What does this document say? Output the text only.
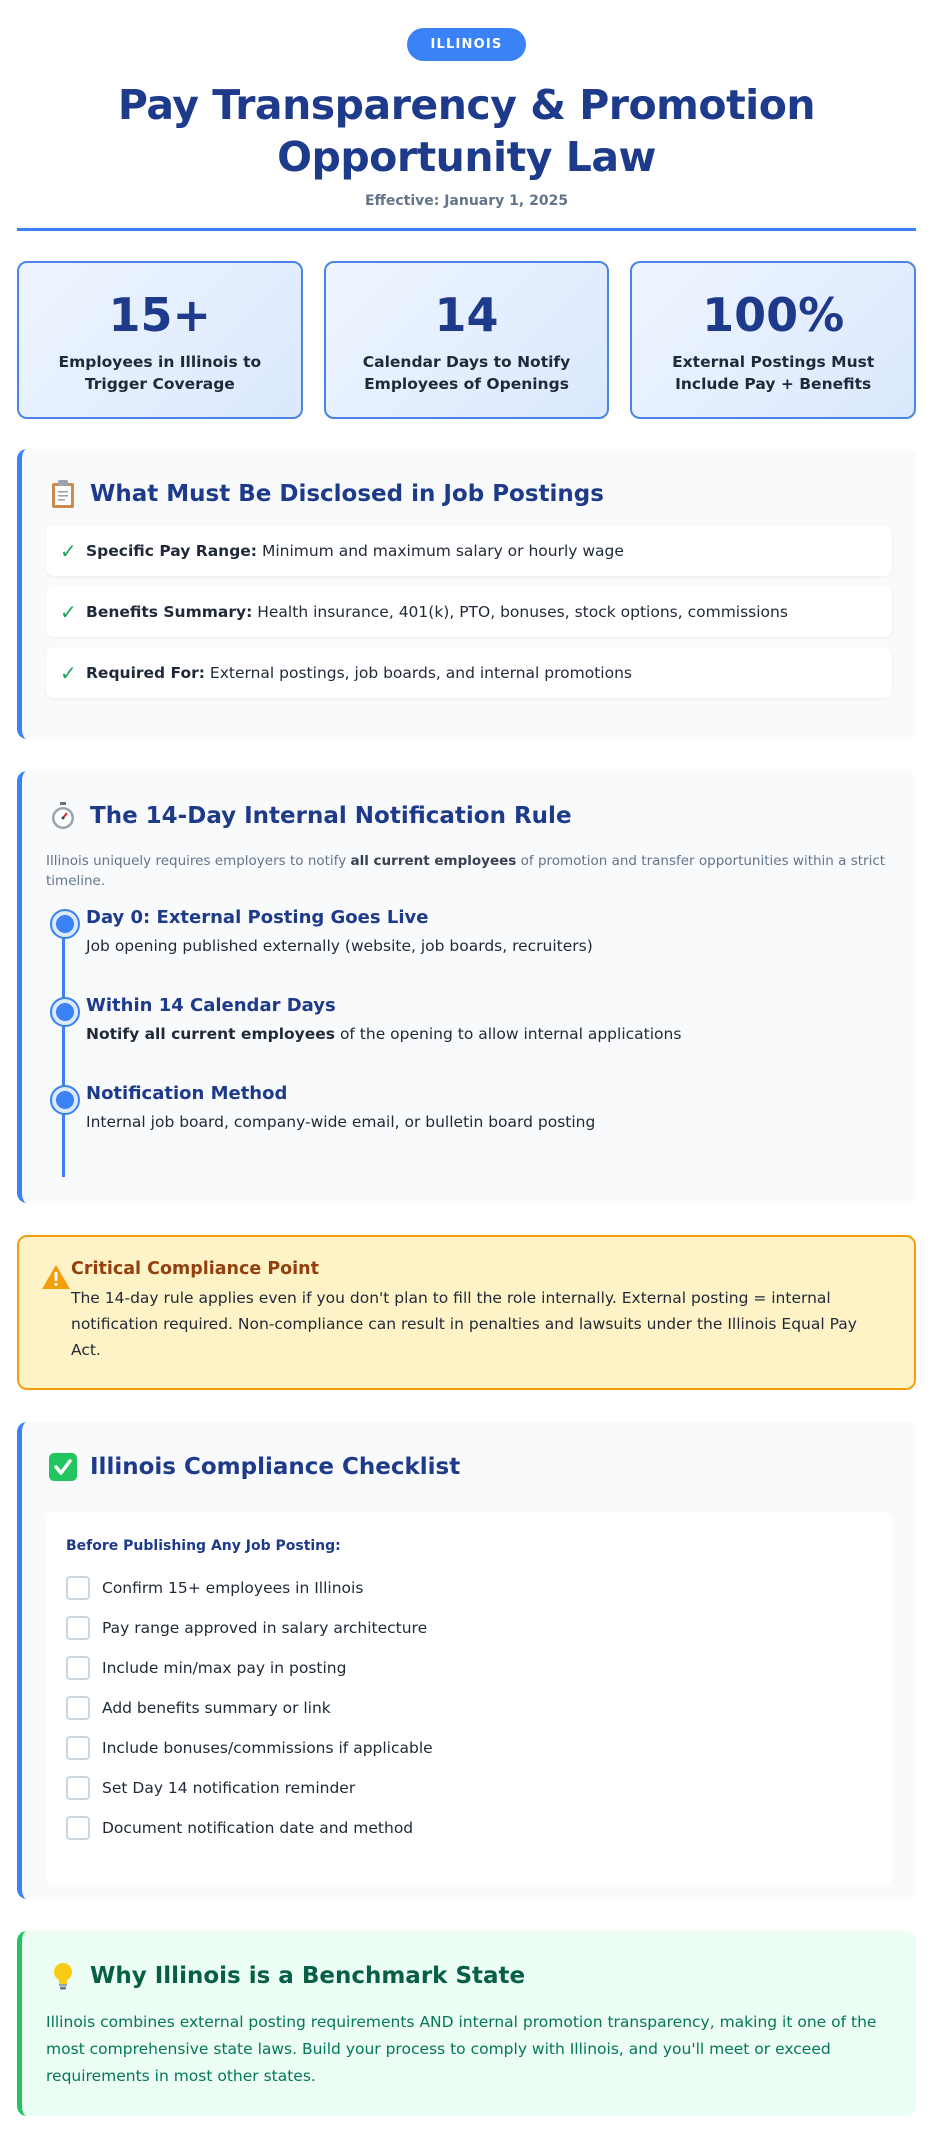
ILLINOIS
Pay Transparency & Promotion Opportunity Law
Effective: January 1, 2025
15+
Employees in Illinois to Trigger Coverage
14
Calendar Days to Notify Employees of Openings
100%
External Postings Must Include Pay + Benefits
What Must Be Disclosed in Job Postings
✓ Specific Pay Range: Minimum and maximum salary or hourly wage
✓ Benefits Summary: Health insurance, 401(k), PTO, bonuses, stock options, commissions
✓ Required For: External postings, job boards, and internal promotions
The 14-Day Internal Notification Rule

Illinois uniquely requires employers to notify all current employees of promotion and transfer opportunities within a strict timeline.

Day 0: External Posting Goes Live
Job opening published externally (website, job boards, recruiters)
Within 14 Calendar Days
Notify all current employees of the opening to allow internal applications
Notification Method
Internal job board, company-wide email, or bulletin board posting
Critical Compliance Point

The 14-day rule applies even if you don't plan to fill the role internally. External posting = internal notification required. Non-compliance can result in penalties and lawsuits under the Illinois Equal Pay Act.

Illinois Compliance Checklist
Before Publishing Any Job Posting:
Confirm 15+ employees in Illinois
Pay range approved in salary architecture
Include min/max pay in posting
Add benefits summary or link
Include bonuses/commissions if applicable
Set Day 14 notification reminder
Document notification date and method
Why Illinois is a Benchmark State

Illinois combines external posting requirements AND internal promotion transparency, making it one of the most comprehensive state laws. Build your process to comply with Illinois, and you'll meet or exceed requirements in most other states.
